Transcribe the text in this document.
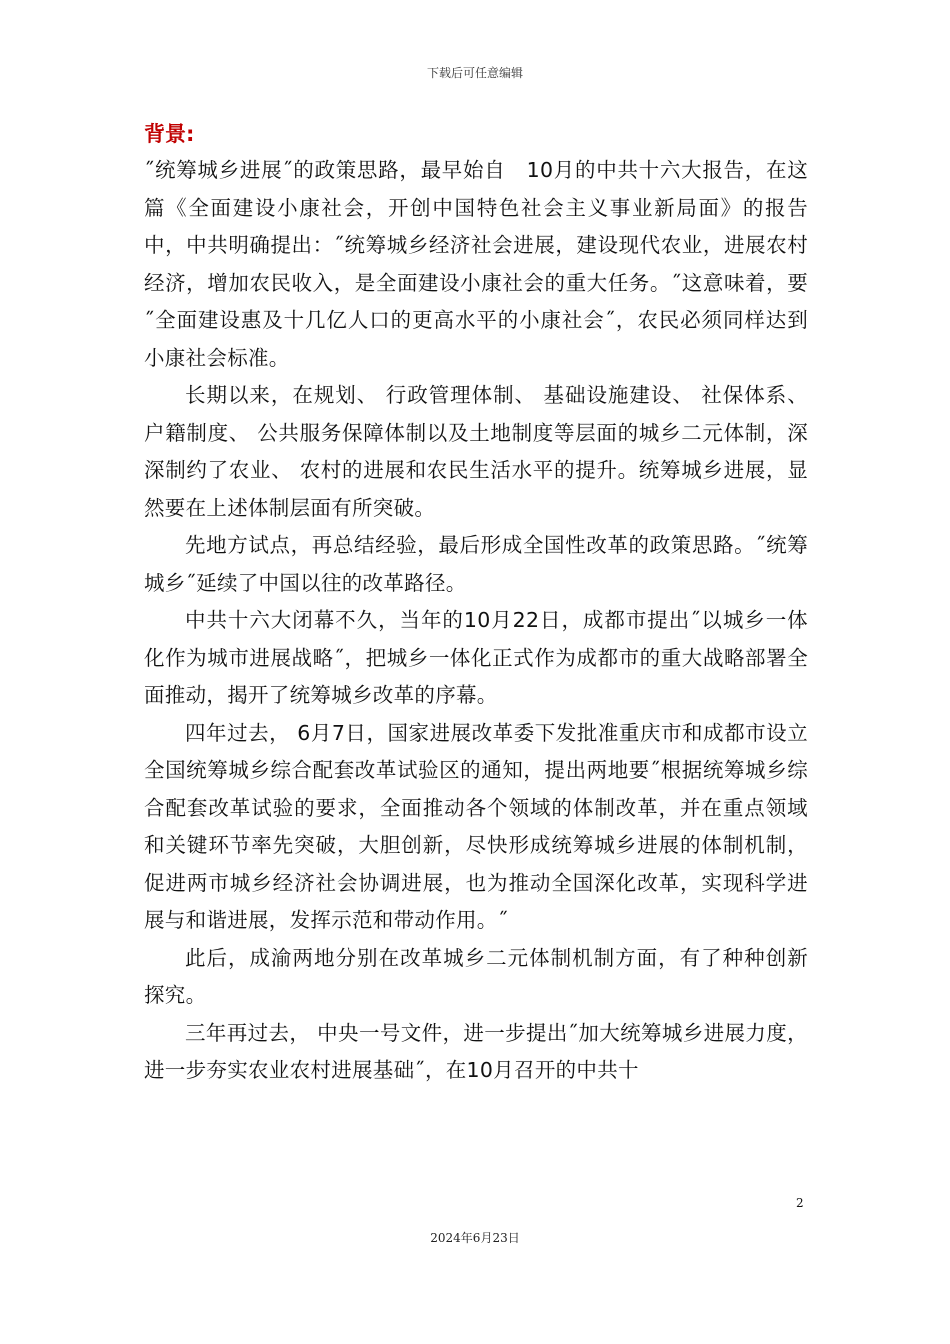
下载后可任意编辑
背景:

˝统筹城乡进展˝的政策思路，最早始自　10月的中共十六大报告，在这篇《全面建设小康社会，开创中国特色社会主义事业新局面》的报告中，中共明确提出：˝统筹城乡经济社会进展，建设现代农业，进展农村经济，增加农民收入，是全面建设小康社会的重大任务。˝这意味着，要˝全面建设惠及十几亿人口的更高水平的小康社会˝，农民必须同样达到小康社会标准。

长期以来，在规划、 行政管理体制、 基础设施建设、 社保体系、 户籍制度、 公共服务保障体制以及土地制度等层面的城乡二元体制，深深制约了农业、 农村的进展和农民生活水平的提升。统筹城乡进展，显然要在上述体制层面有所突破。

先地方试点，再总结经验，最后形成全国性改革的政策思路。˝统筹城乡˝延续了中国以往的改革路径。

中共十六大闭幕不久，当年的10月22日，成都市提出˝以城乡一体化作为城市进展战略˝，把城乡一体化正式作为成都市的重大战略部署全面推动，揭开了统筹城乡改革的序幕。

四年过去， 6月7日，国家进展改革委下发批准重庆市和成都市设立全国统筹城乡综合配套改革试验区的通知，提出两地要˝根据统筹城乡综合配套改革试验的要求，全面推动各个领域的体制改革，并在重点领域和关键环节率先突破，大胆创新，尽快形成统筹城乡进展的体制机制，促进两市城乡经济社会协调进展，也为推动全国深化改革，实现科学进展与和谐进展，发挥示范和带动作用。˝

此后，成渝两地分别在改革城乡二元体制机制方面，有了种种创新探究。

三年再过去， 中央一号文件，进一步提出˝加大统筹城乡进展力度，进一步夯实农业农村进展基础˝，在10月召开的中共十

2
2024年6月23日
